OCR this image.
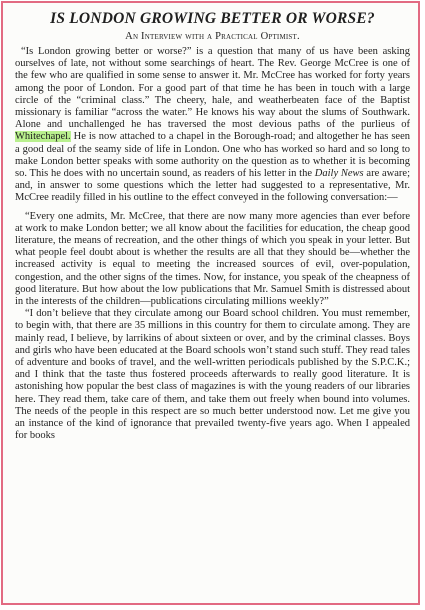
IS LONDON GROWING BETTER OR WORSE?
An Interview with a Practical Optimist.

“Is London growing better or worse?” is a question that many of us have been asking ourselves of late, not without some searchings of heart. The Rev. George McCree is one of the few who are qualified in some sense to answer it. Mr. McCree has worked for forty years among the poor of London. For a good part of that time he has been in touch with a large circle of the “criminal class.” The cheery, hale, and weatherbeaten face of the Baptist missionary is familiar “across the water.” He knows his way about the slums of Southwark. Alone and unchallenged he has traversed the most devious paths of the purlieus of Whitechapel. He is now attached to a chapel in the Borough-road; and altogether he has seen a good deal of the seamy side of life in London. One who has worked so hard and so long to make London better speaks with some authority on the question as to whether it is becoming so. This he does with no uncertain sound, as readers of his letter in the Daily News are aware; and, in answer to some questions which the letter had suggested to a representative, Mr. McCree readily filled in his outline to the effect conveyed in the following conversation:—

“Every one admits, Mr. McCree, that there are now many more agencies than ever before at work to make London better; we all know about the facilities for education, the cheap good literature, the means of recreation, and the other things of which you speak in your letter. But what people feel doubt about is whether the results are all that they should be—whether the increased activity is equal to meeting the increased sources of evil, over-population, congestion, and the other signs of the times. Now, for instance, you speak of the cheapness of good literature. But how about the low publications that Mr. Samuel Smith is distressed about in the interests of the children—publications circulating millions weekly?”

“I don’t believe that they circulate among our Board school children. You must remember, to begin with, that there are 35 millions in this country for them to circulate among. They are mainly read, I believe, by larrikins of about sixteen or over, and by the criminal classes. Boys and girls who have been educated at the Board schools won’t stand such stuff. They read tales of adventure and books of travel, and the well-written periodicals published by the S.P.C.K.; and I think that the taste thus fostered proceeds afterwards to really good literature. It is astonishing how popular the best class of magazines is with the young readers of our libraries here. They read them, take care of them, and take them out freely when bound into volumes. The needs of the people in this respect are so much better understood now. Let me give you an instance of the kind of ignorance that prevailed twenty-five years ago. When I appealed for books
